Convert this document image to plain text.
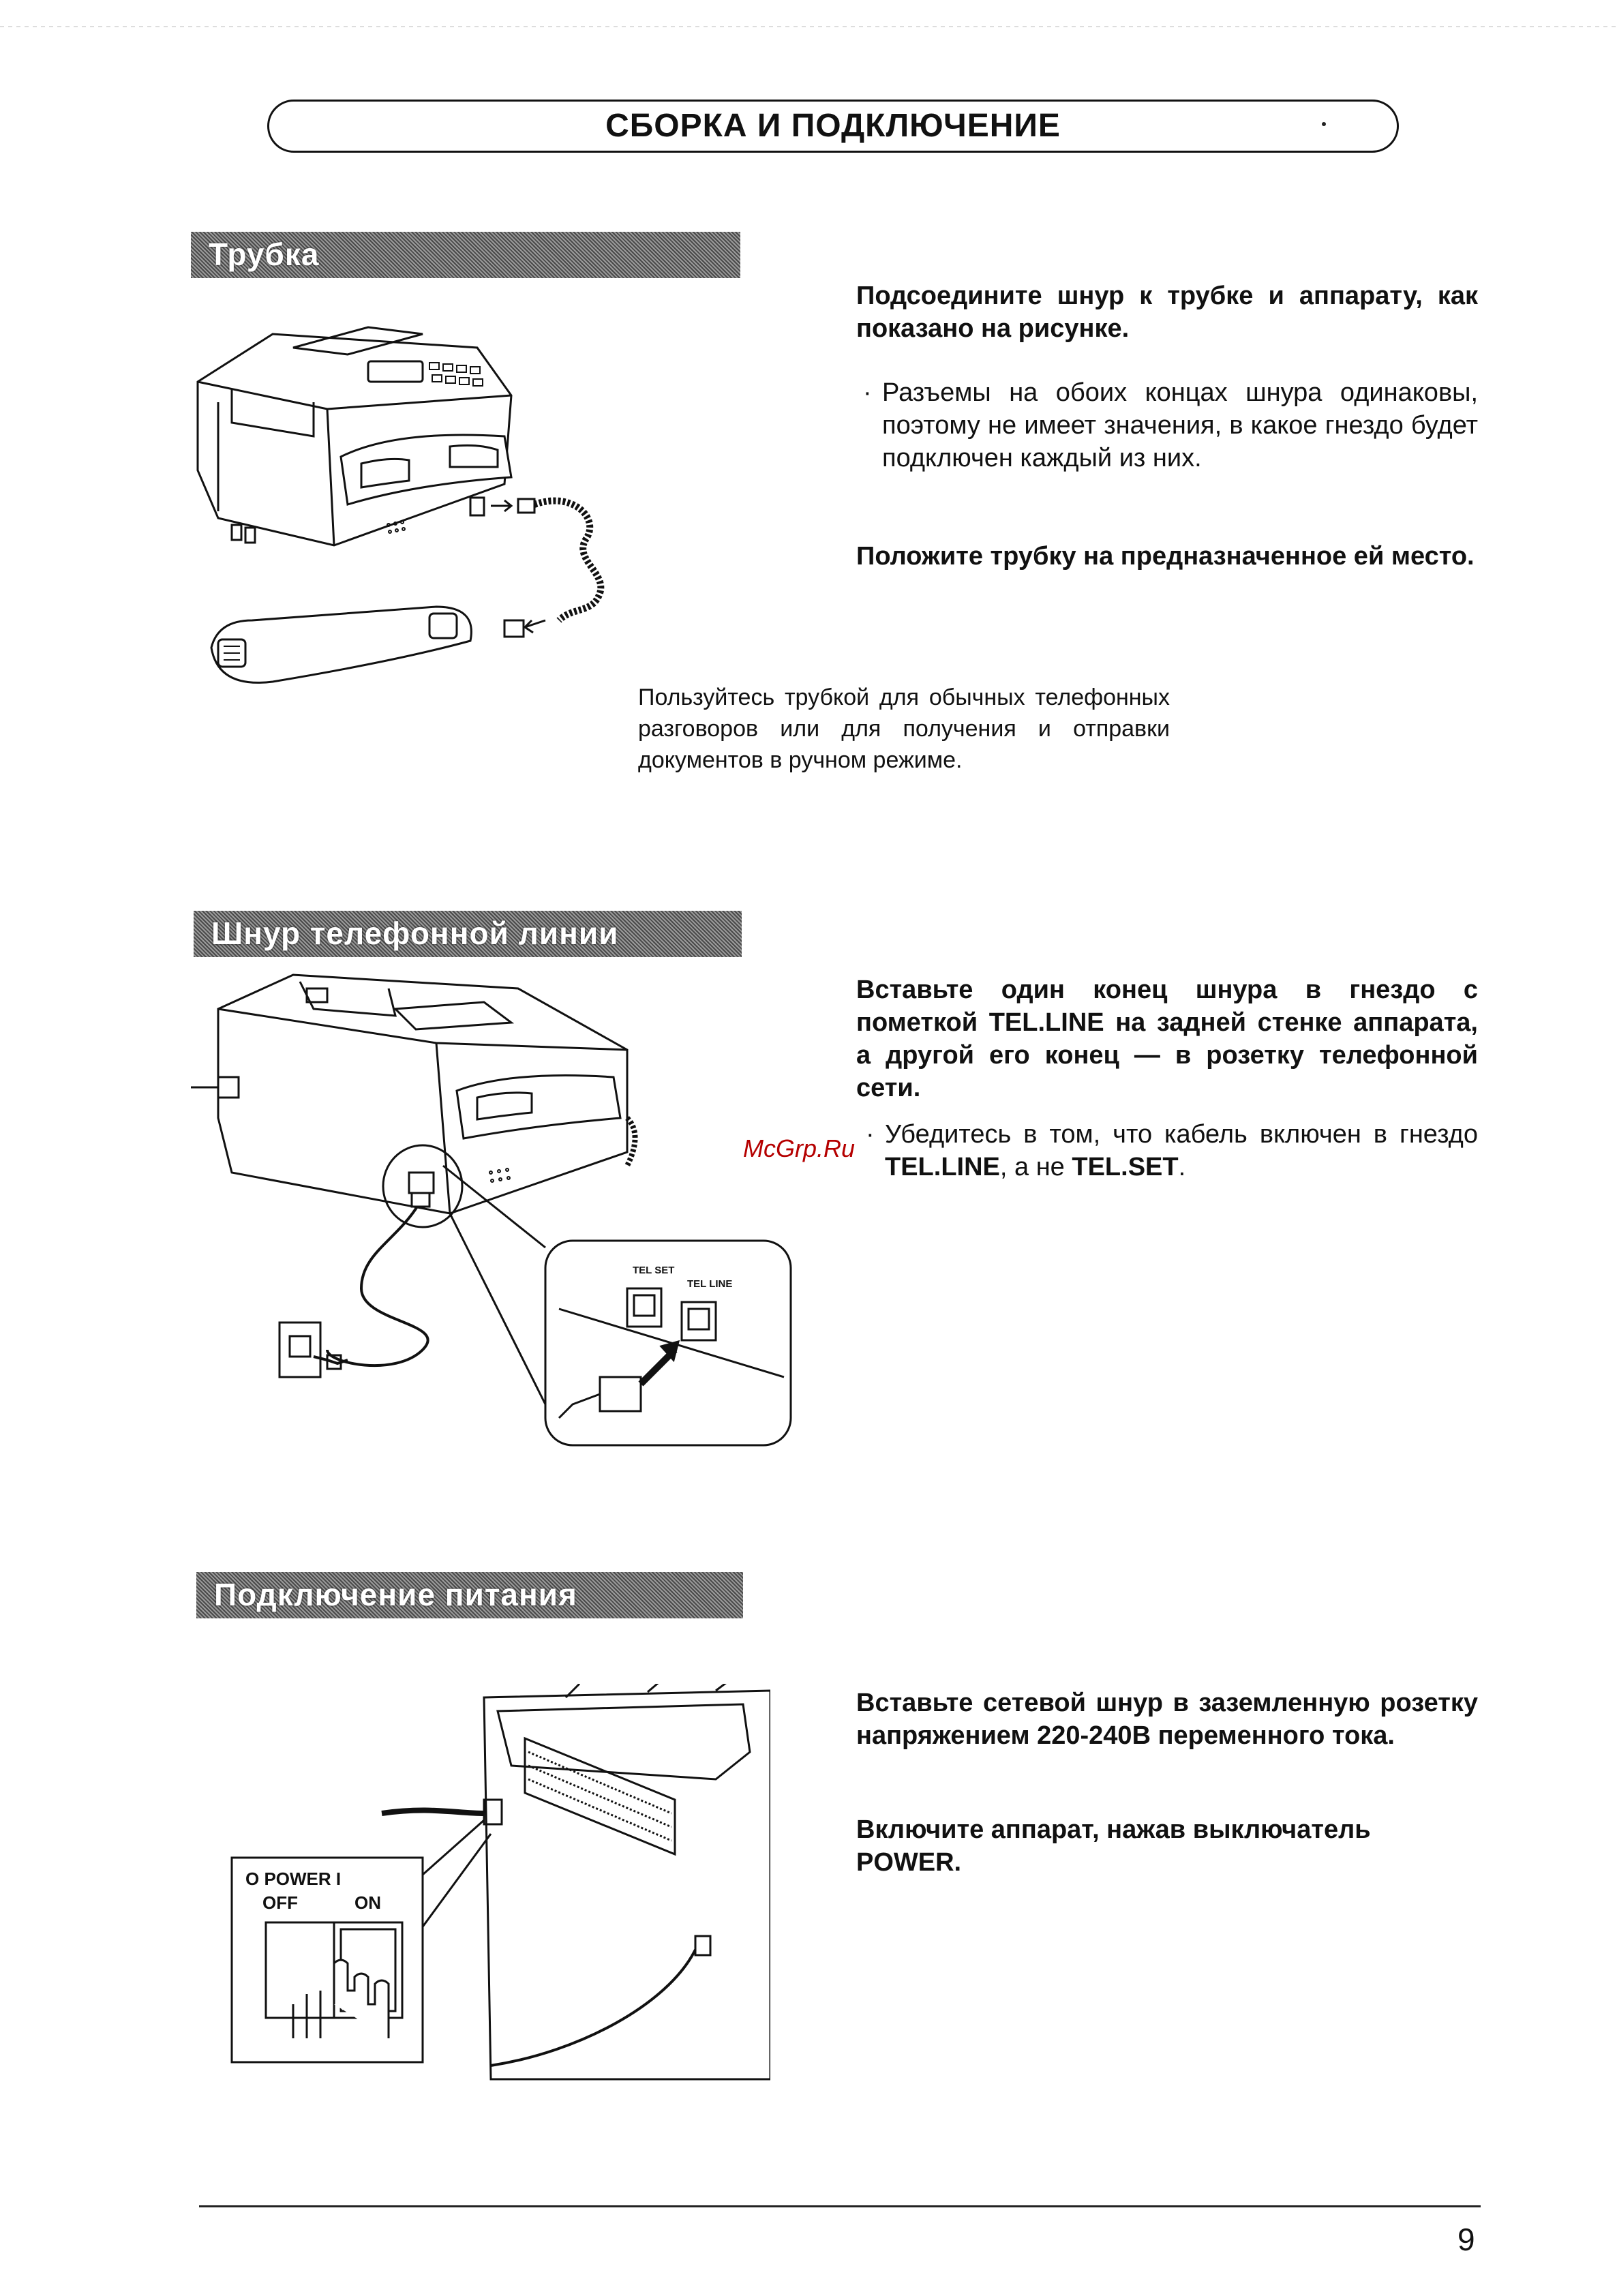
СБОРКА И ПОДКЛЮЧЕНИЕ
Трубка
Подсоедините шнур к трубке и аппарату, как показано на рисунке.
· Разъемы на обоих концах шнура одинаковы, поэтому не имеет значения, в какое гнездо будет подключен каждый из них.
Положите трубку на предназначенное ей место.
Пользуйтесь трубкой для обычных телефонных разговоров или для получения и отправки документов в ручном режиме.
Шнур телефонной линии
Вставьте один конец шнура в гнездо с пометкой TEL.LINE на задней стенке аппарата, а другой его конец — в розетку телефонной сети.
· Убедитесь в том, что кабель включен в гнездо TEL.LINE, а не TEL.SET.
TEL SET
TEL LINE
McGrp.Ru
Подключение питания
Вставьте сетевой шнур в заземленную розетку напряжением 220-240В переменного тока.
Включите аппарат, нажав выключатель POWER.
O POWER I
OFF	ON
9
